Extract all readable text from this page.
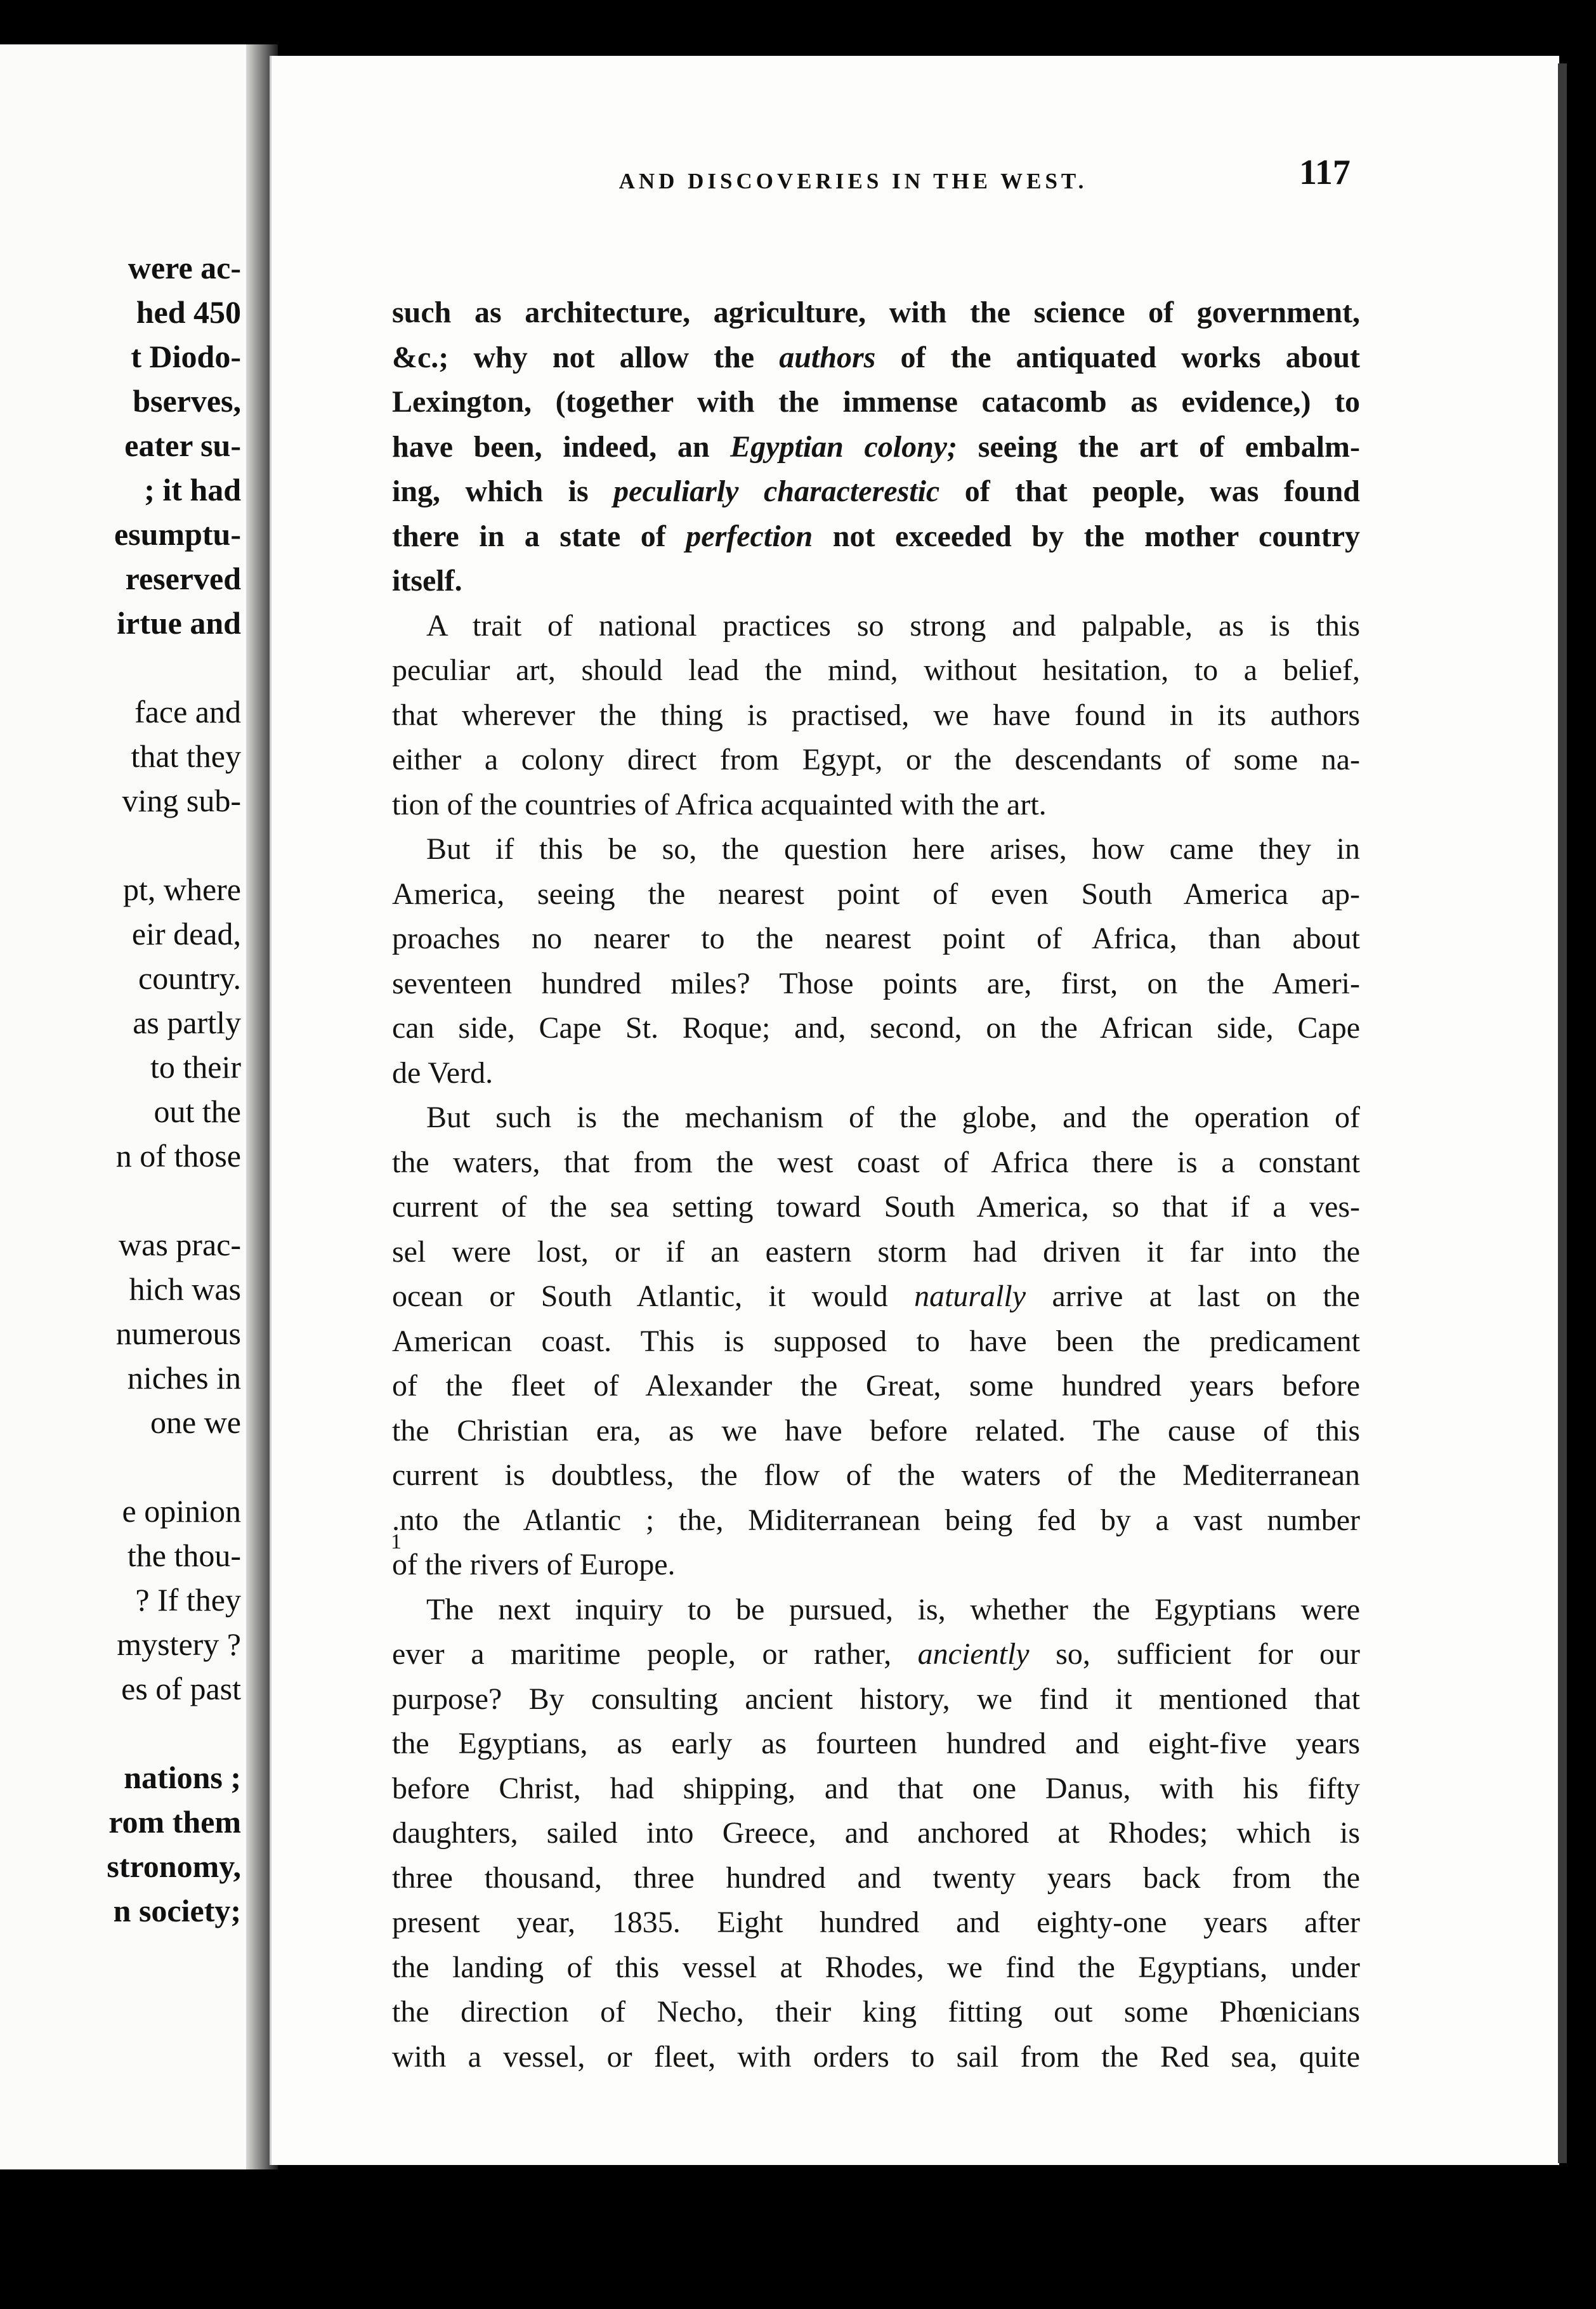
were ac-
hed 450
t Diodo-
bserves,
eater su-
; it had
esumptu-
reserved
irtue and
face and
that they
ving sub-
pt, where
eir dead,
country.
as partly
to their
out the
n of those
was prac-
hich was
numerous
niches in
one we
e opinion
the thou-
? If they
mystery ?
es of past
nations ;
rom them
stronomy,
n society;
AND DISCOVERIES IN THE WEST.	117
such as architecture, agriculture, with the science of government,
&c.; why not allow the authors of the antiquated works about
Lexington, (together with the immense catacomb as evidence,) to
have been, indeed, an Egyptian colony; seeing the art of embalm-
ing, which is peculiarly characterestic of that people, was found
there in a state of perfection not exceeded by the mother country
itself.
A trait of national practices so strong and palpable, as is this
peculiar art, should lead the mind, without hesitation, to a belief,
that wherever the thing is practised, we have found in its authors
either a colony direct from Egypt, or the descendants of some na-
tion of the countries of Africa acquainted with the art.
But if this be so, the question here arises, how came they in
America, seeing the nearest point of even South America ap-
proaches no nearer to the nearest point of Africa, than about
seventeen hundred miles? Those points are, first, on the Ameri-
can side, Cape St. Roque; and, second, on the African side, Cape
de Verd.
But such is the mechanism of the globe, and the operation of
the waters, that from the west coast of Africa there is a constant
current of the sea setting toward South America, so that if a ves-
sel were lost, or if an eastern storm had driven it far into the
ocean or South Atlantic, it would naturally arrive at last on the
American coast. This is supposed to have been the predicament
of the fleet of Alexander the Great, some hundred years before
the Christian era, as we have before related. The cause of this
current is doubtless, the flow of the waters of the Mediterranean
.nto the Atlantic ; the, Miditerranean being fed by a vast number
of the rivers of Europe.
The next inquiry to be pursued, is, whether the Egyptians were
ever a maritime people, or rather, anciently so, sufficient for our
purpose? By consulting ancient history, we find it mentioned that
the Egyptians, as early as fourteen hundred and eight-five years
before Christ, had shipping, and that one Danus, with his fifty
daughters, sailed into Greece, and anchored at Rhodes; which is
three thousand, three hundred and twenty years back from the
present year, 1835. Eight hundred and eighty-one years after
the landing of this vessel at Rhodes, we find the Egyptians, under
the direction of Necho, their king fitting out some Phœnicians
with a vessel, or fleet, with orders to sail from the Red sea, quite
1
